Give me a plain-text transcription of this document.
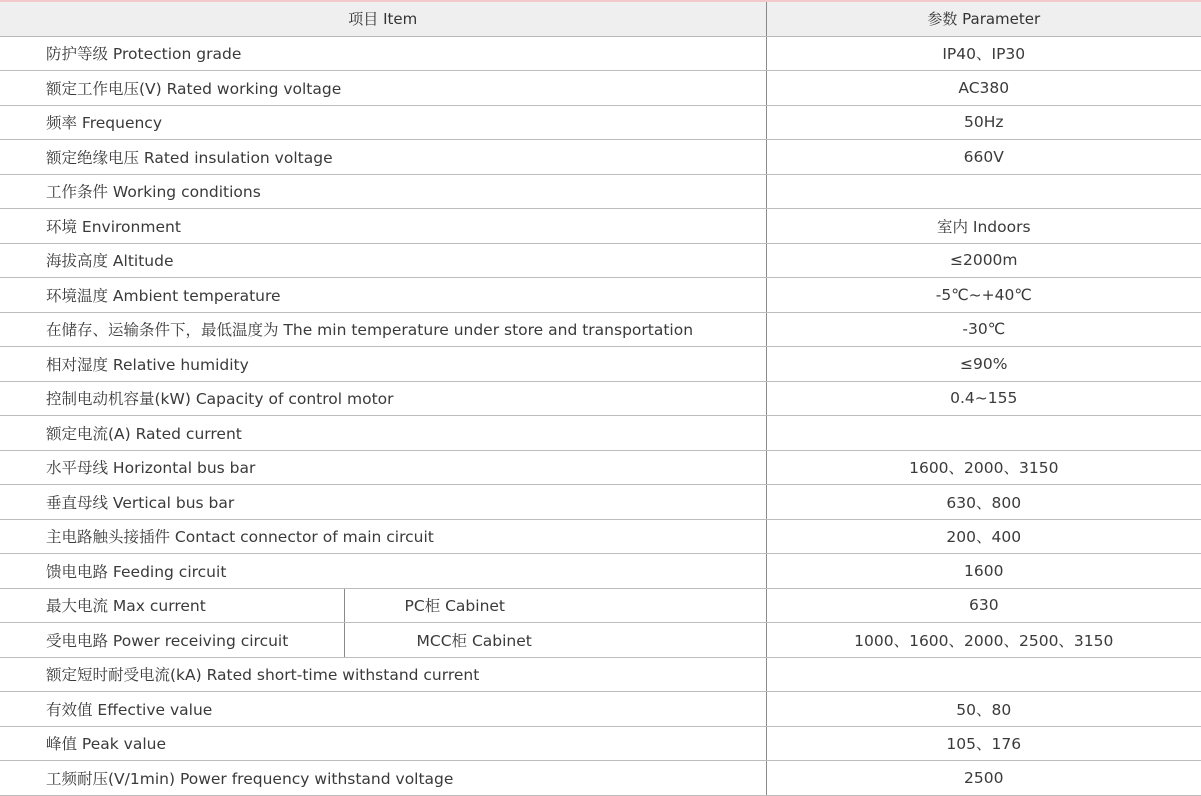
项目 Item		参数 Parameter
防护等级 Protection grade		IP40、IP30
额定工作电压(V) Rated working voltage		AC380
频率 Frequency		50Hz
额定绝缘电压 Rated insulation voltage		660V
工作条件 Working conditions		
环境 Environment		室内 Indoors
海拔高度 Altitude		≤2000m
环境温度 Ambient temperature		-5℃~+40℃
在储存、运输条件下，最低温度为 The min temperature under store and transportation		-30℃
相对湿度 Relative humidity		≤90%
控制电动机容量(kW) Capacity of control motor		0.4~155
额定电流(A) Rated current		
水平母线 Horizontal bus bar		1600、2000、3150
垂直母线 Vertical bus bar		630、800
主电路触头接插件 Contact connector of main circuit		200、400
馈电电路 Feeding circuit		1600
最大电流 Max current	PC柜 Cabinet	630
受电电路 Power receiving circuit	MCC柜 Cabinet	1000、1600、2000、2500、3150
额定短时耐受电流(kA) Rated short-time withstand current		
有效值 Effective value		50、80
峰值 Peak value		105、176
工频耐压(V/1min) Power frequency withstand voltage		2500
